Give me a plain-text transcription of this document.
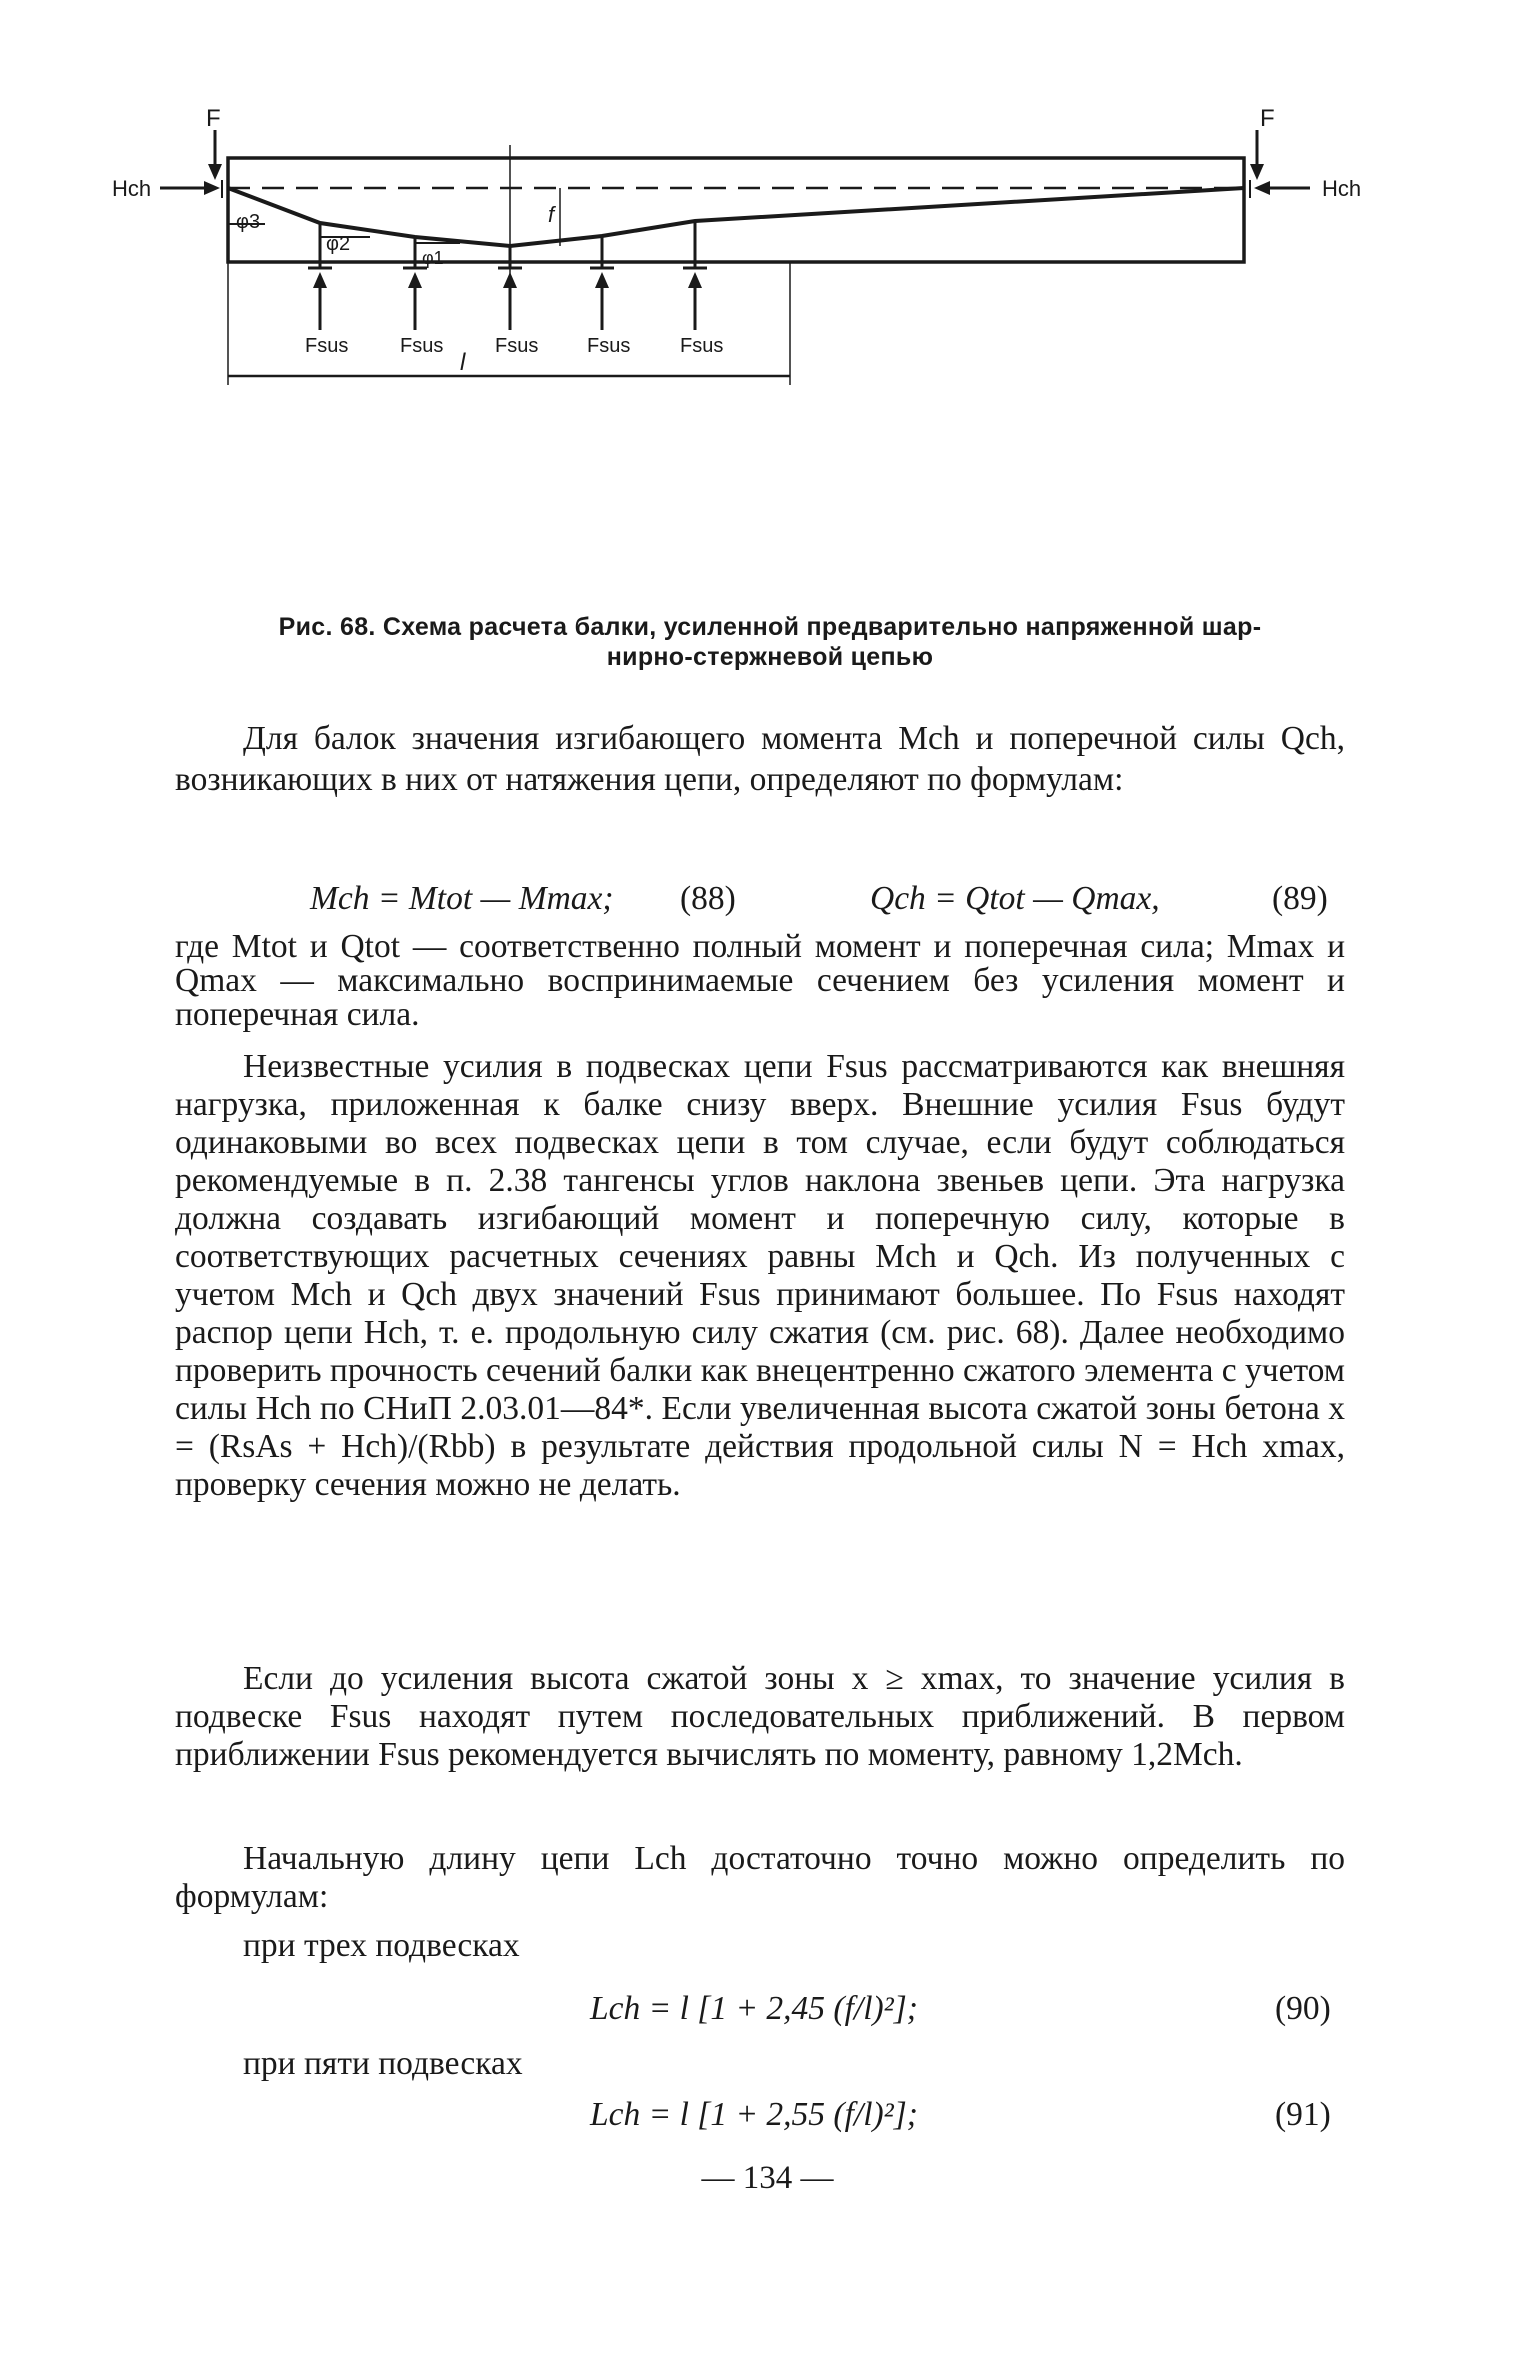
F	F
Hch	Hch
φ3
φ2
φ1
f
l
Fsus	Fsus	Fsus Fsus Fsus
Рис. 68. Схема расчета балки, усиленной предварительно напряженной шар-
нирно-стержневой цепью
Для балок значения изгибающего момента Mch и поперечной силы Qch, возникающих в них от натяжения цепи, определяют по формулам:
Mch = Mtot — Mmax; (88)	Qch = Qtot — Qmax,	(89)
где Mtot и Qtot — соответственно полный момент и поперечная сила; Mmax и Qmax — максимально воспринимаемые сечением без усиления момент и поперечная сила.
Неизвестные усилия в подвесках цепи Fsus рассматриваются как внешняя нагрузка, приложенная к балке снизу вверх. Внешние усилия Fsus будут одинаковыми во всех подвесках цепи в том случае, если будут соблюдаться рекомендуемые в п. 2.38 тангенсы углов наклона звеньев цепи. Эта нагрузка должна создавать изгибающий момент и поперечную силу, которые в соответствующих расчетных сечениях равны Mch и Qch. Из полученных с учетом Mch и Qch двух значений Fsus принимают большее. По Fsus находят распор цепи Hch, т. е. продольную силу сжатия (см. рис. 68). Далее необходимо проверить прочность сечений балки как внецентренно сжатого элемента с учетом силы Hch по СНиП 2.03.01—84*. Если увеличенная высота сжатой зоны бетона x = (RsAs + Hch)/(Rbb) в результате действия продольной силы N = Hch xmax, проверку сечения можно не делать.
Если до усиления высота сжатой зоны x ≥ xmax, то значение усилия в подвеске Fsus находят путем последовательных приближений. В первом приближении Fsus рекомендуется вычислять по моменту, равному 1,2Mch.
Начальную длину цепи Lch достаточно точно можно определить по формулам:
при трех подвесках
Lch = l [1 + 2,45 (f/l)²];	(90)
при пяти подвесках
Lch = l [1 + 2,55 (f/l)²];	(91)
— 134 —
